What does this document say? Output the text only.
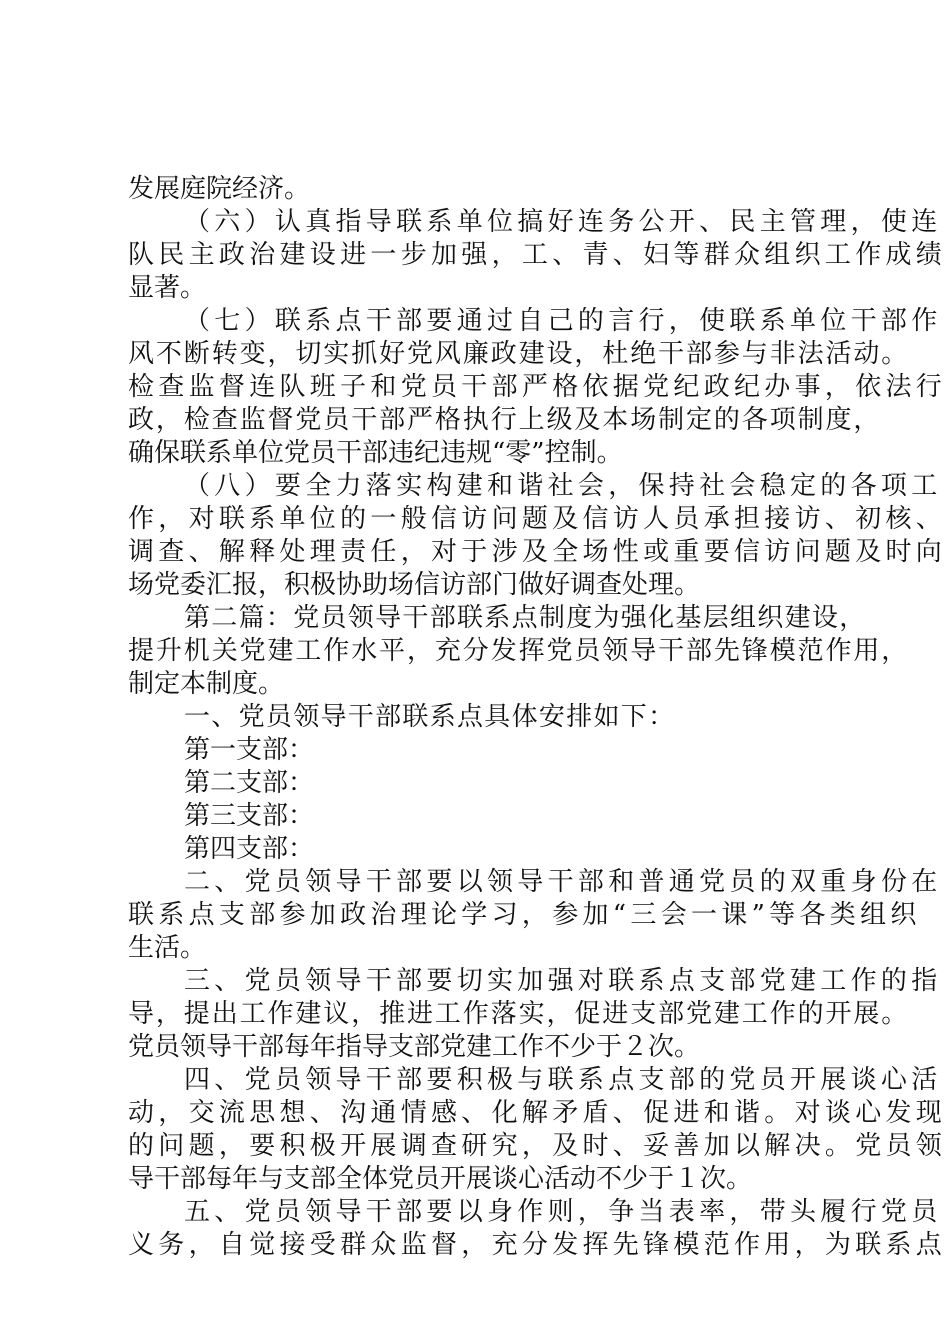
发展庭院经济。
（六）认真指导联系单位搞好连务公开、民主管理，使连
队民主政治建设进一步加强，工、青、妇等群众组织工作成绩
显著。
（七）联系点干部要通过自己的言行，使联系单位干部作
风不断转变，切实抓好党风廉政建设，杜绝干部参与非法活动。
检查监督连队班子和党员干部严格依据党纪政纪办事，依法行
政，检查监督党员干部严格执行上级及本场制定的各项制度，
确保联系单位党员干部违纪违规“零”控制。
（八）要全力落实构建和谐社会，保持社会稳定的各项工
作，对联系单位的一般信访问题及信访人员承担接访、初核、
调查、解释处理责任，对于涉及全场性或重要信访问题及时向
场党委汇报，积极协助场信访部门做好调查处理。
第二篇：党员领导干部联系点制度为强化基层组织建设，
提升机关党建工作水平，充分发挥党员领导干部先锋模范作用，
制定本制度。
一、党员领导干部联系点具体安排如下：
第一支部：
第二支部：
第三支部：
第四支部：
二、党员领导干部要以领导干部和普通党员的双重身份在
联系点支部参加政治理论学习，参加“三会一课”等各类组织
生活。
三、党员领导干部要切实加强对联系点支部党建工作的指
导，提出工作建议，推进工作落实，促进支部党建工作的开展。
党员领导干部每年指导支部党建工作不少于２次。
四、党员领导干部要积极与联系点支部的党员开展谈心活
动，交流思想、沟通情感、化解矛盾、促进和谐。对谈心发现
的问题，要积极开展调查研究，及时、妥善加以解决。党员领
导干部每年与支部全体党员开展谈心活动不少于１次。
五、党员领导干部要以身作则，争当表率，带头履行党员
义务，自觉接受群众监督，充分发挥先锋模范作用，为联系点
